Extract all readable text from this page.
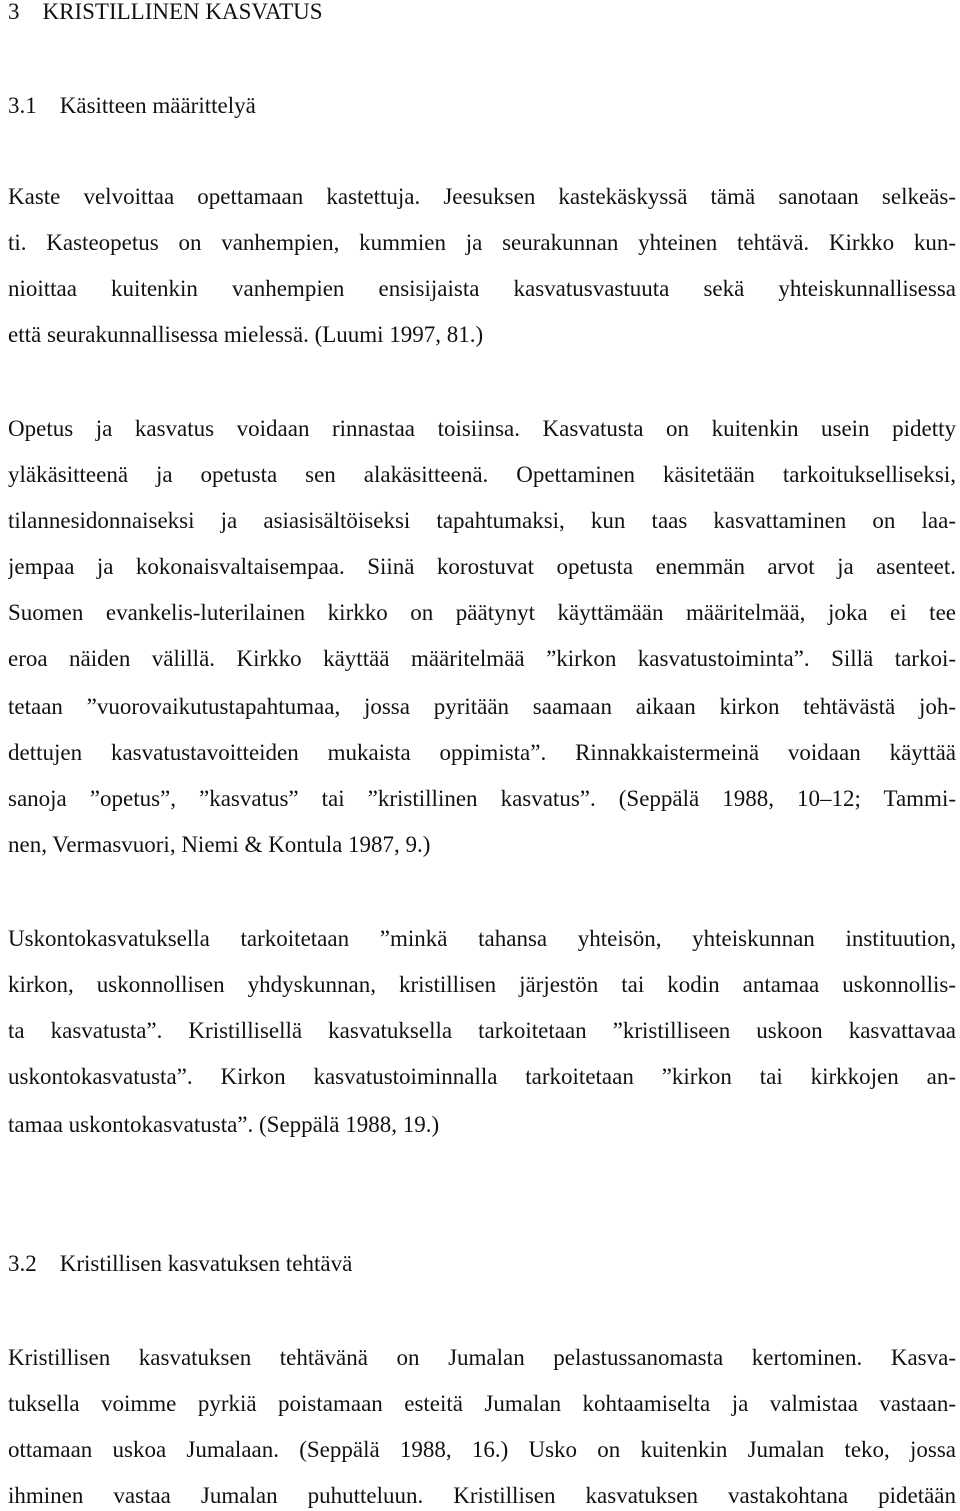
3    KRISTILLINEN KASVATUS
3.1    Käsitteen määrittelyä
Kaste velvoittaa opettamaan kastettuja. Jeesuksen kastekäskyssä tämä sanotaan selkeäs-
ti. Kasteopetus on vanhempien, kummien ja seurakunnan yhteinen tehtävä. Kirkko kun-
nioittaa kuitenkin vanhempien ensisijaista kasvatusvastuuta sekä yhteiskunnallisessa
että seurakunnallisessa mielessä. (Luumi 1997, 81.)
Opetus ja kasvatus voidaan rinnastaa toisiinsa. Kasvatusta on kuitenkin usein pidetty
yläkäsitteenä ja opetusta sen alakäsitteenä. Opettaminen käsitetään tarkoitukselliseksi,
tilannesidonnaiseksi ja asiasisältöiseksi tapahtumaksi, kun taas kasvattaminen on laa-
jempaa ja kokonaisvaltaisempaa. Siinä korostuvat opetusta enemmän arvot ja asenteet.
Suomen evankelis-luterilainen kirkko on päätynyt käyttämään määritelmää, joka ei tee
eroa näiden välillä. Kirkko käyttää määritelmää ”kirkon kasvatustoiminta”. Sillä tarkoi-
tetaan ”vuorovaikutustapahtumaa, jossa pyritään saamaan aikaan kirkon tehtävästä joh-
dettujen kasvatustavoitteiden mukaista oppimista”. Rinnakkaistermeinä voidaan käyttää
sanoja ”opetus”, ”kasvatus” tai ”kristillinen kasvatus”. (Seppälä 1988, 10–12; Tammi-
nen, Vermasvuori, Niemi & Kontula 1987, 9.)
Uskontokasvatuksella tarkoitetaan ”minkä tahansa yhteisön, yhteiskunnan instituution,
kirkon, uskonnollisen yhdyskunnan, kristillisen järjestön tai kodin antamaa uskonnollis-
ta kasvatusta”. Kristillisellä kasvatuksella tarkoitetaan ”kristilliseen uskoon kasvattavaa
uskontokasvatusta”. Kirkon kasvatustoiminnalla tarkoitetaan ”kirkon tai kirkkojen an-
tamaa uskontokasvatusta”. (Seppälä 1988, 19.)
3.2    Kristillisen kasvatuksen tehtävä
Kristillisen kasvatuksen tehtävänä on Jumalan pelastussanomasta kertominen. Kasva-
tuksella voimme pyrkiä poistamaan esteitä Jumalan kohtaamiselta ja valmistaa vastaan-
ottamaan uskoa Jumalaan. (Seppälä 1988, 16.) Usko on kuitenkin Jumalan teko, jossa
ihminen vastaa Jumalan puhutteluun. Kristillisen kasvatuksen vastakohtana pidetään
